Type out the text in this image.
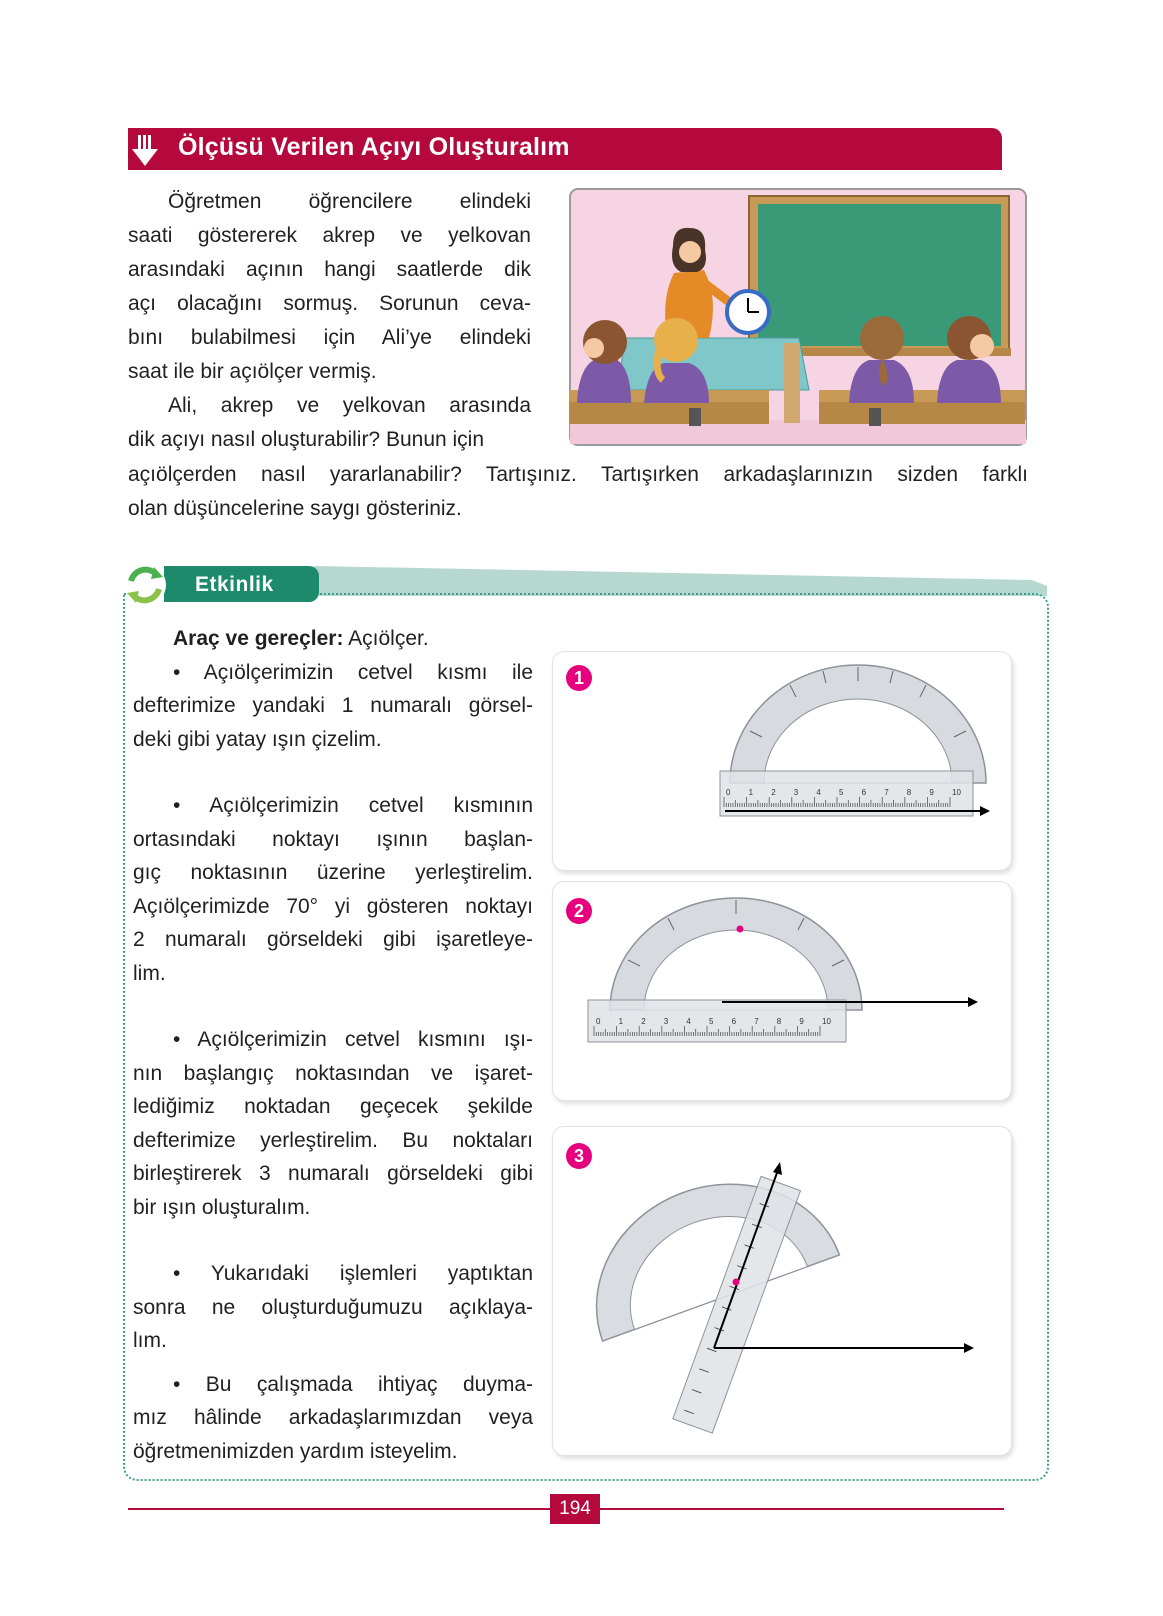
Ölçüsü Verilen Açıyı Oluşturalım

Öğretmen öğrencilere elindeki

saati göstererek akrep ve yelkovan

arasındaki açının hangi saatlerde dik

açı olacağını sormuş. Sorunun ceva-

bını bulabilmesi için Ali’ye elindeki

saat ile bir açıölçer vermiş.

Ali, akrep ve yelkovan arasında

dik açıyı nasıl oluşturabilir? Bunun için

açıölçerden nasıl yararlanabilir? Tartışınız. Tartışırken arkadaşlarınızın sizden farklı

olan düşüncelerine saygı gösteriniz.

Etkinlik

Araç ve gereçler: Açıölçer.

• Açıölçerimizin cetvel kısmı ile

defterimize yandaki 1 numaralı görsel-

deki gibi yatay ışın çizelim.

• Açıölçerimizin cetvel kısmının

ortasındaki noktayı ışının başlan-

gıç noktasının üzerine yerleştirelim.

Açıölçerimizde 70° yi gösteren noktayı

2 numaralı görseldeki gibi işaretleye-

lim.

• Açıölçerimizin cetvel kısmını ışı-

nın başlangıç noktasından ve işaret-

lediğimiz noktadan geçecek şekilde

defterimize yerleştirelim. Bu noktaları

birleştirerek 3 numaralı görseldeki gibi

bir ışın oluşturalım.

• Yukarıdaki işlemleri yaptıktan

sonra ne oluşturduğumuzu açıklaya-

lım.

• Bu çalışmada ihtiyaç duyma-

mız hâlinde arkadaşlarımızdan veya

öğretmenimizden yardım isteyelim.

1
2
3
0 1 2 3 4 5 6 7 8 9 10
0 1 2 3 4 5 6 7 8 9 10
194
